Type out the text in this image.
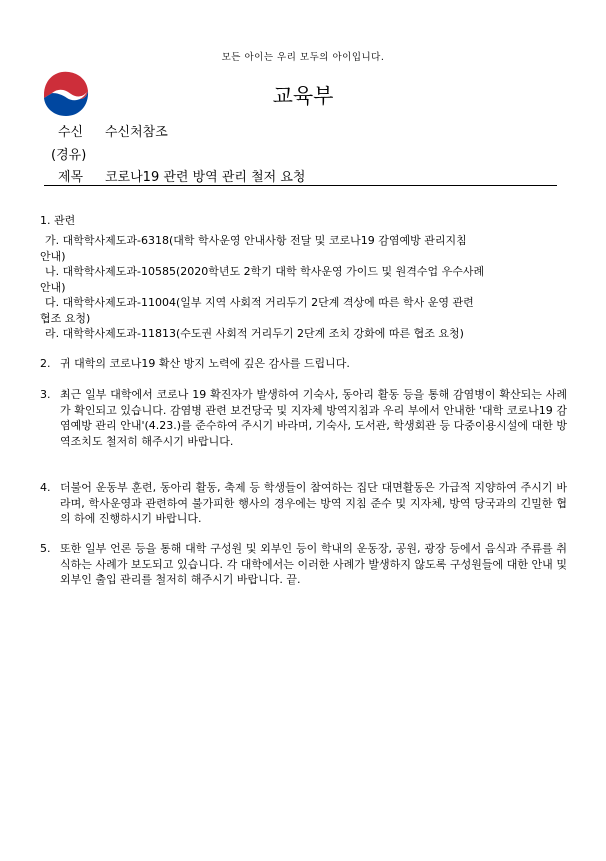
모든 아이는 우리 모두의 아이입니다.
교육부
수신 수신처참조
(경유)
제목 코로나19 관련 방역 관리 철저 요청
1. 관련
가. 대학학사제도과-6318(대학 학사운영 안내사항 전달 및 코로나19 감염예방 관리지침
안내)
나. 대학학사제도과-10585(2020학년도 2학기 대학 학사운영 가이드 및 원격수업 우수사례
안내)
다. 대학학사제도과-11004(일부 지역 사회적 거리두기 2단계 격상에 따른 학사 운영 관련
협조 요청)
라. 대학학사제도과-11813(수도권 사회적 거리두기 2단계 조치 강화에 따른 협조 요청)
2. 귀 대학의 코로나19 확산 방지 노력에 깊은 감사를 드립니다.
3. 최근 일부 대학에서 코로나 19 확진자가 발생하여 기숙사, 동아리 활동 등을 통해 감염병이 확산되는 사례가 확인되고 있습니다. 감염병 관련 보건당국 및 지자체 방역지침과 우리 부에서 안내한 '대학 코로나19 감염예방 관리 안내'(4.23.)를 준수하여 주시기 바라며, 기숙사, 도서관, 학생회관 등 다중이용시설에 대한 방역조치도 철저히 해주시기 바랍니다.
4. 더불어 운동부 훈련, 동아리 활동, 축제 등 학생들이 참여하는 집단 대면활동은 가급적 지양하여 주시기 바라며, 학사운영과 관련하여 불가피한 행사의 경우에는 방역 지침 준수 및 지자체, 방역 당국과의 긴밀한 협의 하에 진행하시기 바랍니다.
5. 또한 일부 언론 등을 통해 대학 구성원 및 외부인 등이 학내의 운동장, 공원, 광장 등에서 음식과 주류를 취식하는 사례가 보도되고 있습니다. 각 대학에서는 이러한 사례가 발생하지 않도록 구성원들에 대한 안내 및 외부인 출입 관리를 철저히 해주시기 바랍니다. 끝.
